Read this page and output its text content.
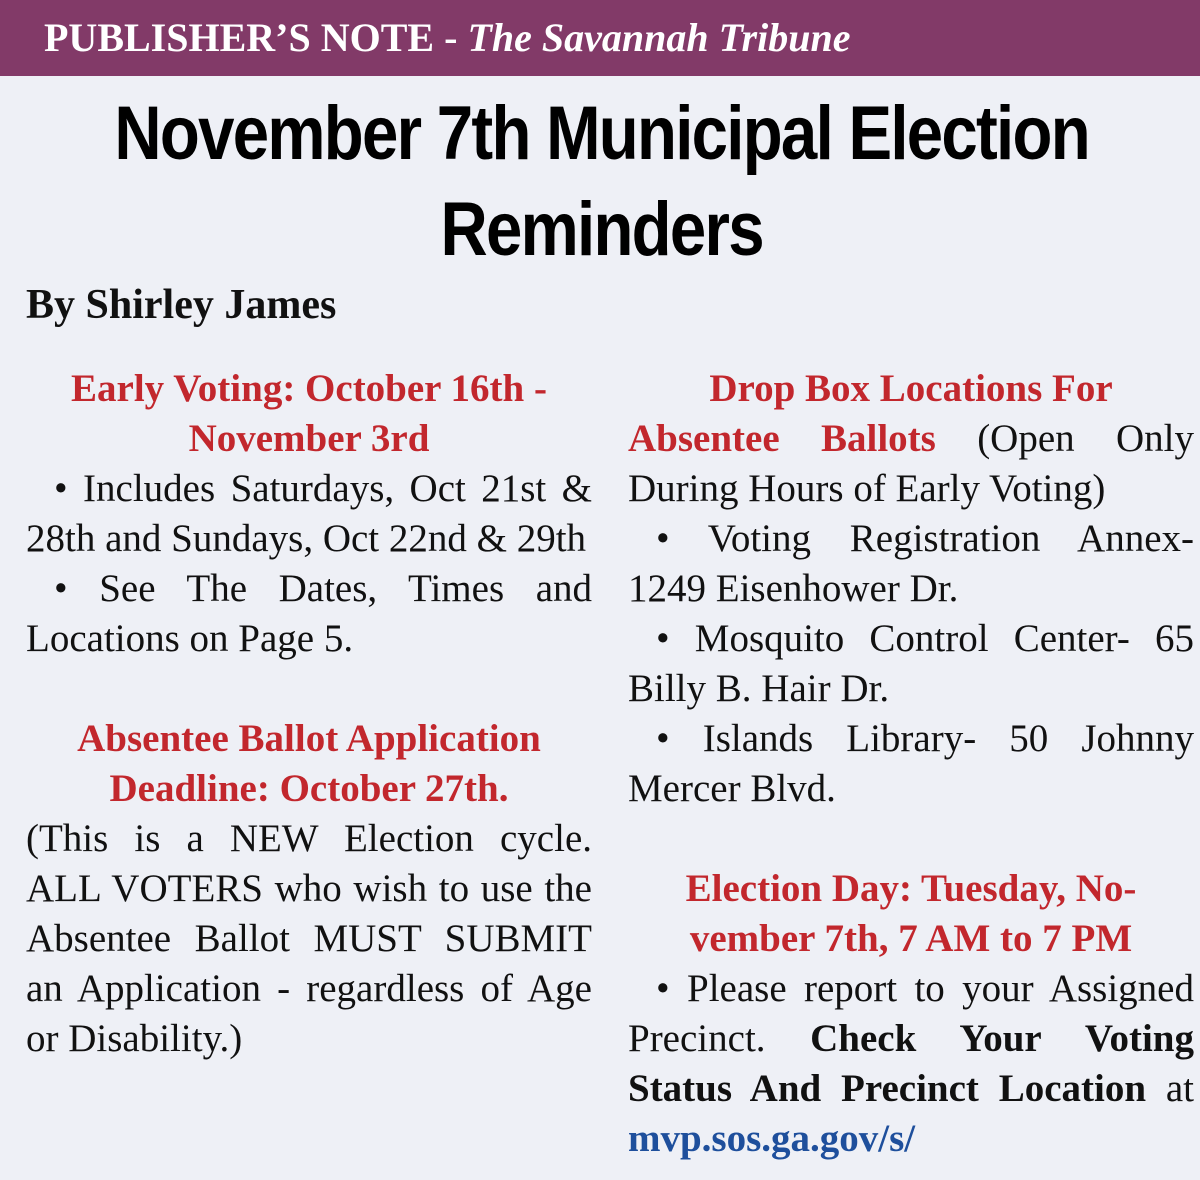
PUBLISHER’S NOTE - The Savannah Tribune
November 7th Municipal Election
Reminders
By Shirley James
Early Voting: October 16th -
November 3rd

• Includes Saturdays, Oct 21st & 28th and Sundays, Oct 22nd & 29th

• See The Dates, Times and Locations on Page 5.

Absentee Ballot Application
Deadline: October 27th.

(This is a NEW Election cycle. ALL VOTERS who wish to use the Absentee Ballot MUST SUBMIT an Application - regardless of Age or Disability.)

Drop Box Locations For

Absentee Ballots (Open Only During Hours of Early Voting)

• Voting Registration Annex- 1249 Eisenhower Dr.

• Mosquito Control Center- 65 Billy B. Hair Dr.

• Islands Library- 50 Johnny Mercer Blvd.

Election Day: Tuesday, No-
vember 7th, 7 AM to 7 PM

• Please report to your Assigned Precinct. Check Your Voting Status And Precinct Location at mvp.sos.ga.gov/s/
